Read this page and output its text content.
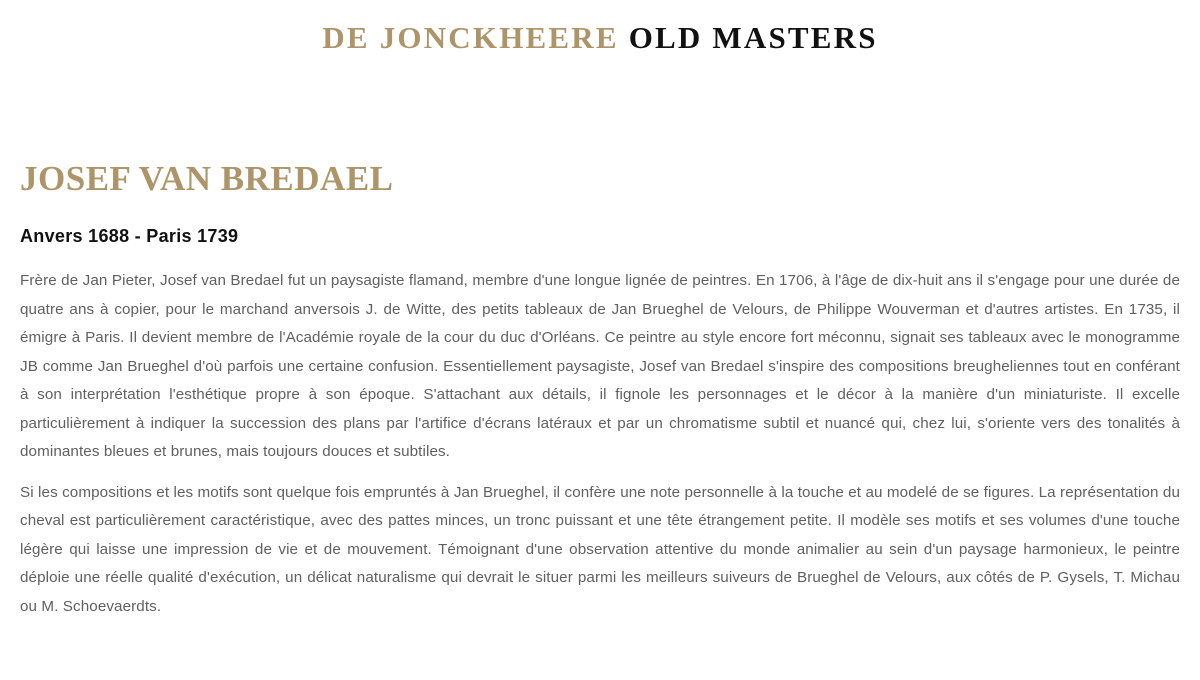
DE JONCKHEERE OLD MASTERS
JOSEF VAN BREDAEL
Anvers 1688 - Paris 1739

Frère de Jan Pieter, Josef van Bredael fut un paysagiste flamand, membre d'une longue lignée de peintres. En 1706, à l'âge de dix-huit ans il s'engage pour une durée de quatre ans à copier, pour le marchand anversois J. de Witte, des petits tableaux de Jan Brueghel de Velours, de Philippe Wouverman et d'autres artistes. En 1735, il émigre à Paris. Il devient membre de l'Académie royale de la cour du duc d'Orléans. Ce peintre au style encore fort méconnu, signait ses tableaux avec le monogramme JB comme Jan Brueghel d'où parfois une certaine confusion. Essentiellement paysagiste, Josef van Bredael s'inspire des compositions breugheliennes tout en conférant à son interprétation l'esthétique propre à son époque. S'attachant aux détails, il fignole les personnages et le décor à la manière d'un miniaturiste. Il excelle particulièrement à indiquer la succession des plans par l'artifice d'écrans latéraux et par un chromatisme subtil et nuancé qui, chez lui, s'oriente vers des tonalités à dominantes bleues et brunes, mais toujours douces et subtiles.

Si les compositions et les motifs sont quelque fois empruntés à Jan Brueghel, il confère une note personnelle à la touche et au modelé de se figures. La représentation du cheval est particulièrement caractéristique, avec des pattes minces, un tronc puissant et une tête étrangement petite. Il modèle ses motifs et ses volumes d'une touche légère qui laisse une impression de vie et de mouvement. Témoignant d'une observation attentive du monde animalier au sein d'un paysage harmonieux, le peintre déploie une réelle qualité d'exécution, un délicat naturalisme qui devrait le situer parmi les meilleurs suiveurs de Brueghel de Velours, aux côtés de P. Gysels, T. Michau ou M. Schoevaerdts.
